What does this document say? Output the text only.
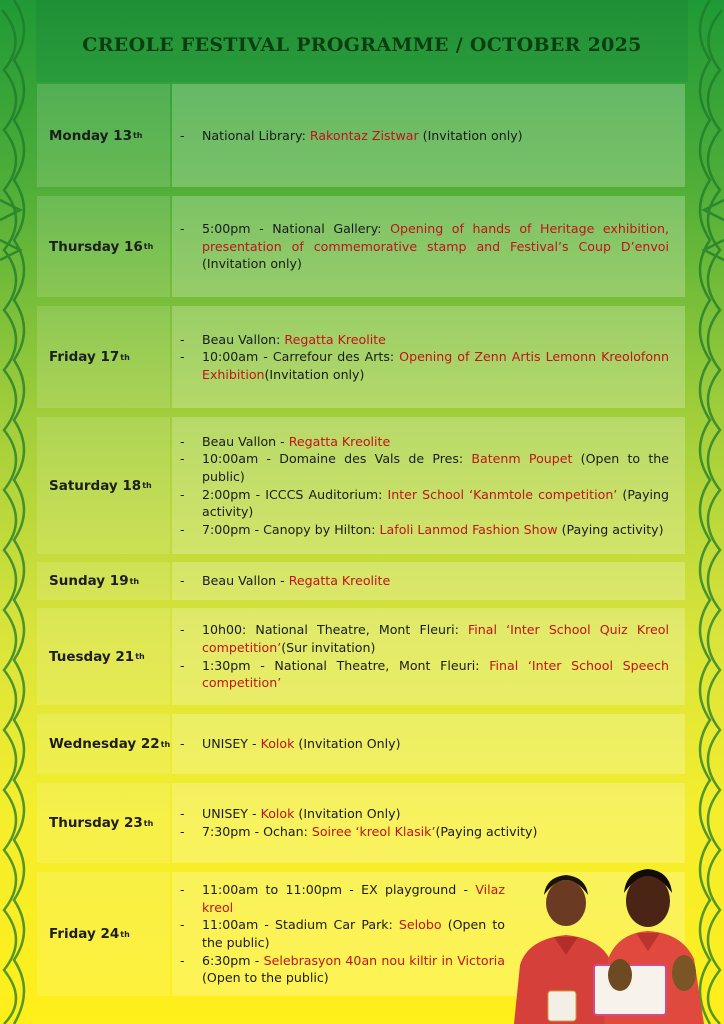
CREOLE FESTIVAL PROGRAMME / OCTOBER 2025
Monday 13 th	- National Library: Rakontaz Zistwar (Invitation only)
Thursday 16 th
- 5:00pm - National Gallery: Opening of hands of Heritage exhibition, presentation of commemorative stamp and Festival’s Coup D’envoi (Invitation only)
Friday 17 th
- Beau Vallon: Regatta Kreolite
- 10:00am - Carrefour des Arts: Opening of Zenn Artis Lemonn Kreolofonn Exhibition(Invitation only)
Saturday 18 th
- Beau Vallon - Regatta Kreolite
- 10:00am - Domaine des Vals de Pres: Batenm Poupet (Open to the public)
- 2:00pm - ICCCS Auditorium: Inter School ‘Kanmtole competition’ (Paying activity)
- 7:00pm - Canopy by Hilton: Lafoli Lanmod Fashion Show (Paying activity)
Sunday 19 th	- Beau Vallon - Regatta Kreolite
Tuesday 21 th
- 10h00: National Theatre, Mont Fleuri: Final ‘Inter School Quiz Kreol competition’(Sur invitation)
- 1:30pm - National Theatre, Mont Fleuri: Final ‘Inter School Speech competition’
Wednesday 22 th	- UNISEY - Kolok (Invitation Only)
Thursday 23 th
- UNISEY - Kolok (Invitation Only)
- 7:30pm - Ochan: Soiree ‘kreol Klasik’(Paying activity)
Friday 24 th
- 11:00am to 11:00pm - EX playground - Vilaz kreol
- 11:00am - Stadium Car Park: Selobo (Open to the public)
- 6:30pm - Selebrasyon 40an nou kiltir in Victoria (Open to the public)
